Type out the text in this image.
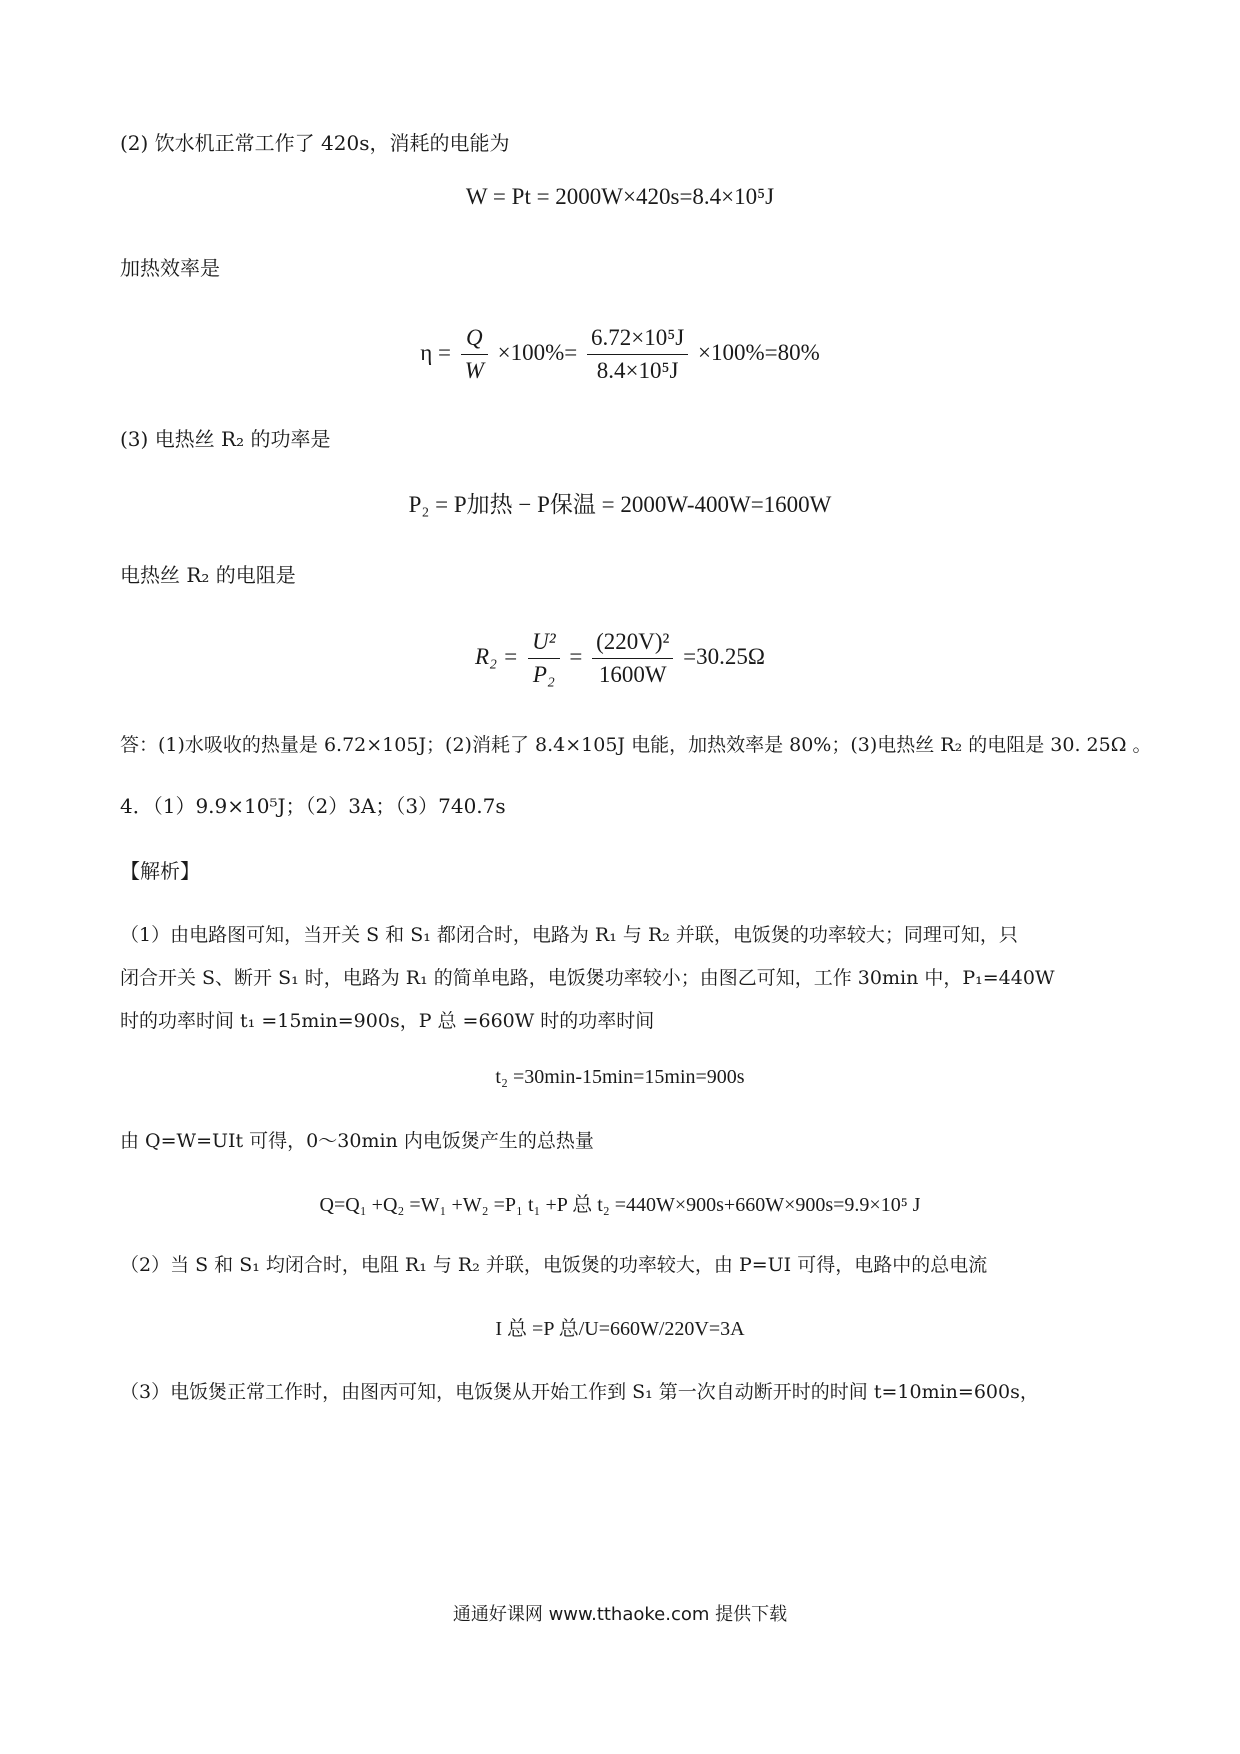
(2) 饮水机正常工作了 420s，消耗的电能为
W = Pt = 2000W×420s=8.4×10⁵J
加热效率是
$\eta = \frac{Q}{W} \times 100\%= \frac{\text{6.72×10⁵J}}{\text{8.4×10⁵J}} \times 100\%=80\%$
(3) 电热丝 R₂ 的功率是
P₂ = P加热 − P保温 = 2000W-400W=1600W
电热丝 R₂ 的电阻是
$R_2 = \frac{\text{U²}}{\text{P₂}} = \frac{\text{(220V)²}}{1600W} =30.25\Omega$
答：(1)水吸收的热量是 6.72×105J；(2)消耗了 8.4×105J 电能，加热效率是 80%；(3)电热丝 R₂ 的电阻是 30. 25Ω 。
4．（1）9.9×10⁵J；（2）3A；（3）740.7s
【解析】
（1）由电路图可知，当开关 S 和 S₁ 都闭合时，电路为 R₁ 与 R₂ 并联，电饭煲的功率较大；同理可知，只
闭合开关 S、断开 S₁ 时，电路为 R₁ 的简单电路，电饭煲功率较小；由图乙可知，工作 30min 中，P₁=440W
时的功率时间 t₁ =15min=900s，P 总 =660W 时的功率时间
t₂ =30min-15min=15min=900s
由 Q=W=UIt 可得，0～30min 内电饭煲产生的总热量
Q=Q₁ +Q₂ =W₁ +W₂ =P₁ t₁ +P 总 t₂ =440W×900s+660W×900s=9.9×10⁵ J
（2）当 S 和 S₁ 均闭合时，电阻 R₁ 与 R₂ 并联，电饭煲的功率较大，由 P=UI 可得，电路中的总电流
I 总 =P 总/U=660W/220V=3A
（3）电饭煲正常工作时，由图丙可知，电饭煲从开始工作到 S₁ 第一次自动断开时的时间 t=10min=600s，
通通好课网 www.tthaoke.com 提供下载
